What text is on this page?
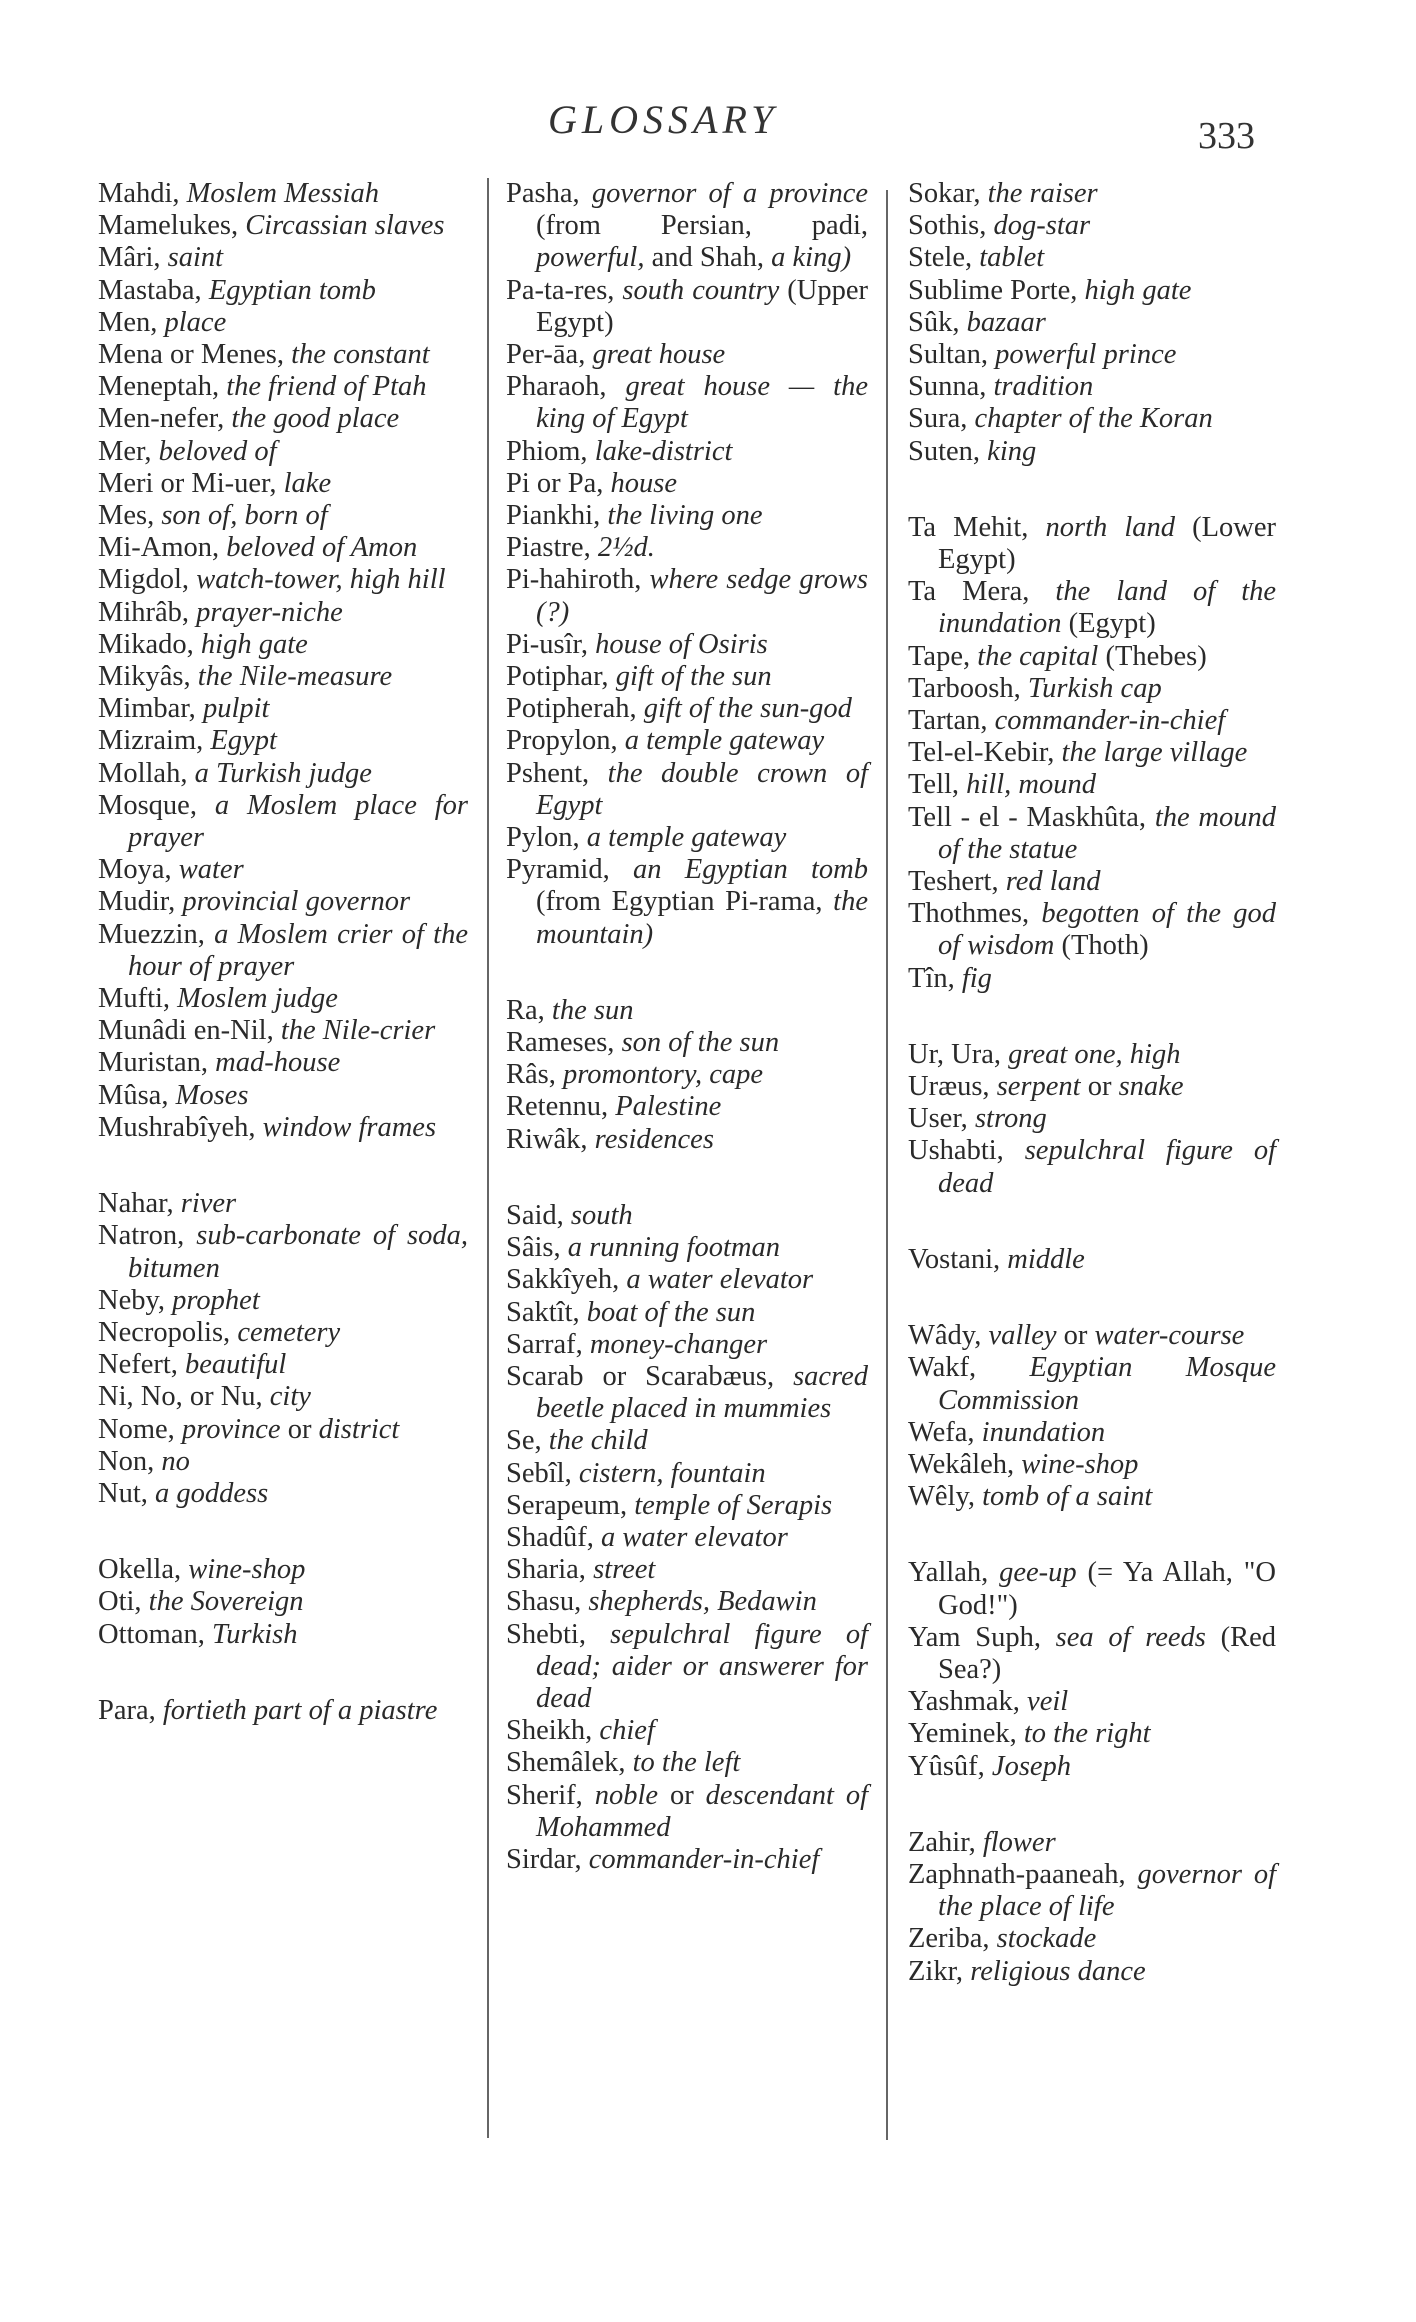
GLOSSARY	333
Mahdi, Moslem Messiah
Mamelukes, Circassian slaves
Mâri, saint
Mastaba, Egyptian tomb
Men, place
Mena or Menes, the constant
Meneptah, the friend of Ptah
Men-nefer, the good place
Mer, beloved of
Meri or Mi-uer, lake
Mes, son of, born of
Mi-Amon, beloved of Amon
Migdol, watch-tower, high hill
Mihrâb, prayer-niche
Mikado, high gate
Mikyâs, the Nile-measure
Mimbar, pulpit
Mizraim, Egypt
Mollah, a Turkish judge
Mosque, a Moslem place for prayer
Moya, water
Mudir, provincial governor
Muezzin, a Moslem crier of the hour of prayer
Mufti, Moslem judge
Munâdi en-Nil, the Nile-crier
Muristan, mad-house
Mûsa, Moses
Mushrabîyeh, window frames
Nahar, river
Natron, sub-carbonate of soda, bitumen
Neby, prophet
Necropolis, cemetery
Nefert, beautiful
Ni, No, or Nu, city
Nome, province or district
Non, no
Nut, a goddess
Okella, wine-shop
Oti, the Sovereign
Ottoman, Turkish
Para, fortieth part of a piastre
Pasha, governor of a province (from Persian, padi, powerful, and Shah, a king)
Pa-ta-res, south country (Upper Egypt)
Per-āa, great house
Pharaoh, great house — the king of Egypt
Phiom, lake-district
Pi or Pa, house
Piankhi, the living one
Piastre, 2½d.
Pi-hahiroth, where sedge grows (?)
Pi-usîr, house of Osiris
Potiphar, gift of the sun
Potipherah, gift of the sun-god
Propylon, a temple gateway
Pshent, the double crown of Egypt
Pylon, a temple gateway
Pyramid, an Egyptian tomb (from Egyptian Pi-rama, the mountain)
Ra, the sun
Rameses, son of the sun
Râs, promontory, cape
Retennu, Palestine
Riwâk, residences
Said, south
Sâis, a running footman
Sakkîyeh, a water elevator
Saktît, boat of the sun
Sarraf, money-changer
Scarab or Scarabæus, sacred beetle placed in mummies
Se, the child
Sebîl, cistern, fountain
Serapeum, temple of Serapis
Shadûf, a water elevator
Sharia, street
Shasu, shepherds, Bedawin
Shebti, sepulchral figure of dead; aider or answerer for dead
Sheikh, chief
Shemâlek, to the left
Sherif, noble or descendant of Mohammed
Sirdar, commander-in-chief
Sokar, the raiser
Sothis, dog-star
Stele, tablet
Sublime Porte, high gate
Sûk, bazaar
Sultan, powerful prince
Sunna, tradition
Sura, chapter of the Koran
Suten, king
Ta Mehit, north land (Lower Egypt)
Ta Mera, the land of the inundation (Egypt)
Tape, the capital (Thebes)
Tarboosh, Turkish cap
Tartan, commander-in-chief
Tel-el-Kebir, the large village
Tell, hill, mound
Tell - el - Maskhûta, the mound of the statue
Teshert, red land
Thothmes, begotten of the god of wisdom (Thoth)
Tîn, fig
Ur, Ura, great one, high
Uræus, serpent or snake
User, strong
Ushabti, sepulchral figure of dead
Vostani, middle
Wâdy, valley or water-course
Wakf, Egyptian Mosque Commission
Wefa, inundation
Wekâleh, wine-shop
Wêly, tomb of a saint
Yallah, gee-up (= Ya Allah, "O God!")
Yam Suph, sea of reeds (Red Sea?)
Yashmak, veil
Yeminek, to the right
Yûsûf, Joseph
Zahir, flower
Zaphnath-paaneah, governor of the place of life
Zeriba, stockade
Zikr, religious dance
